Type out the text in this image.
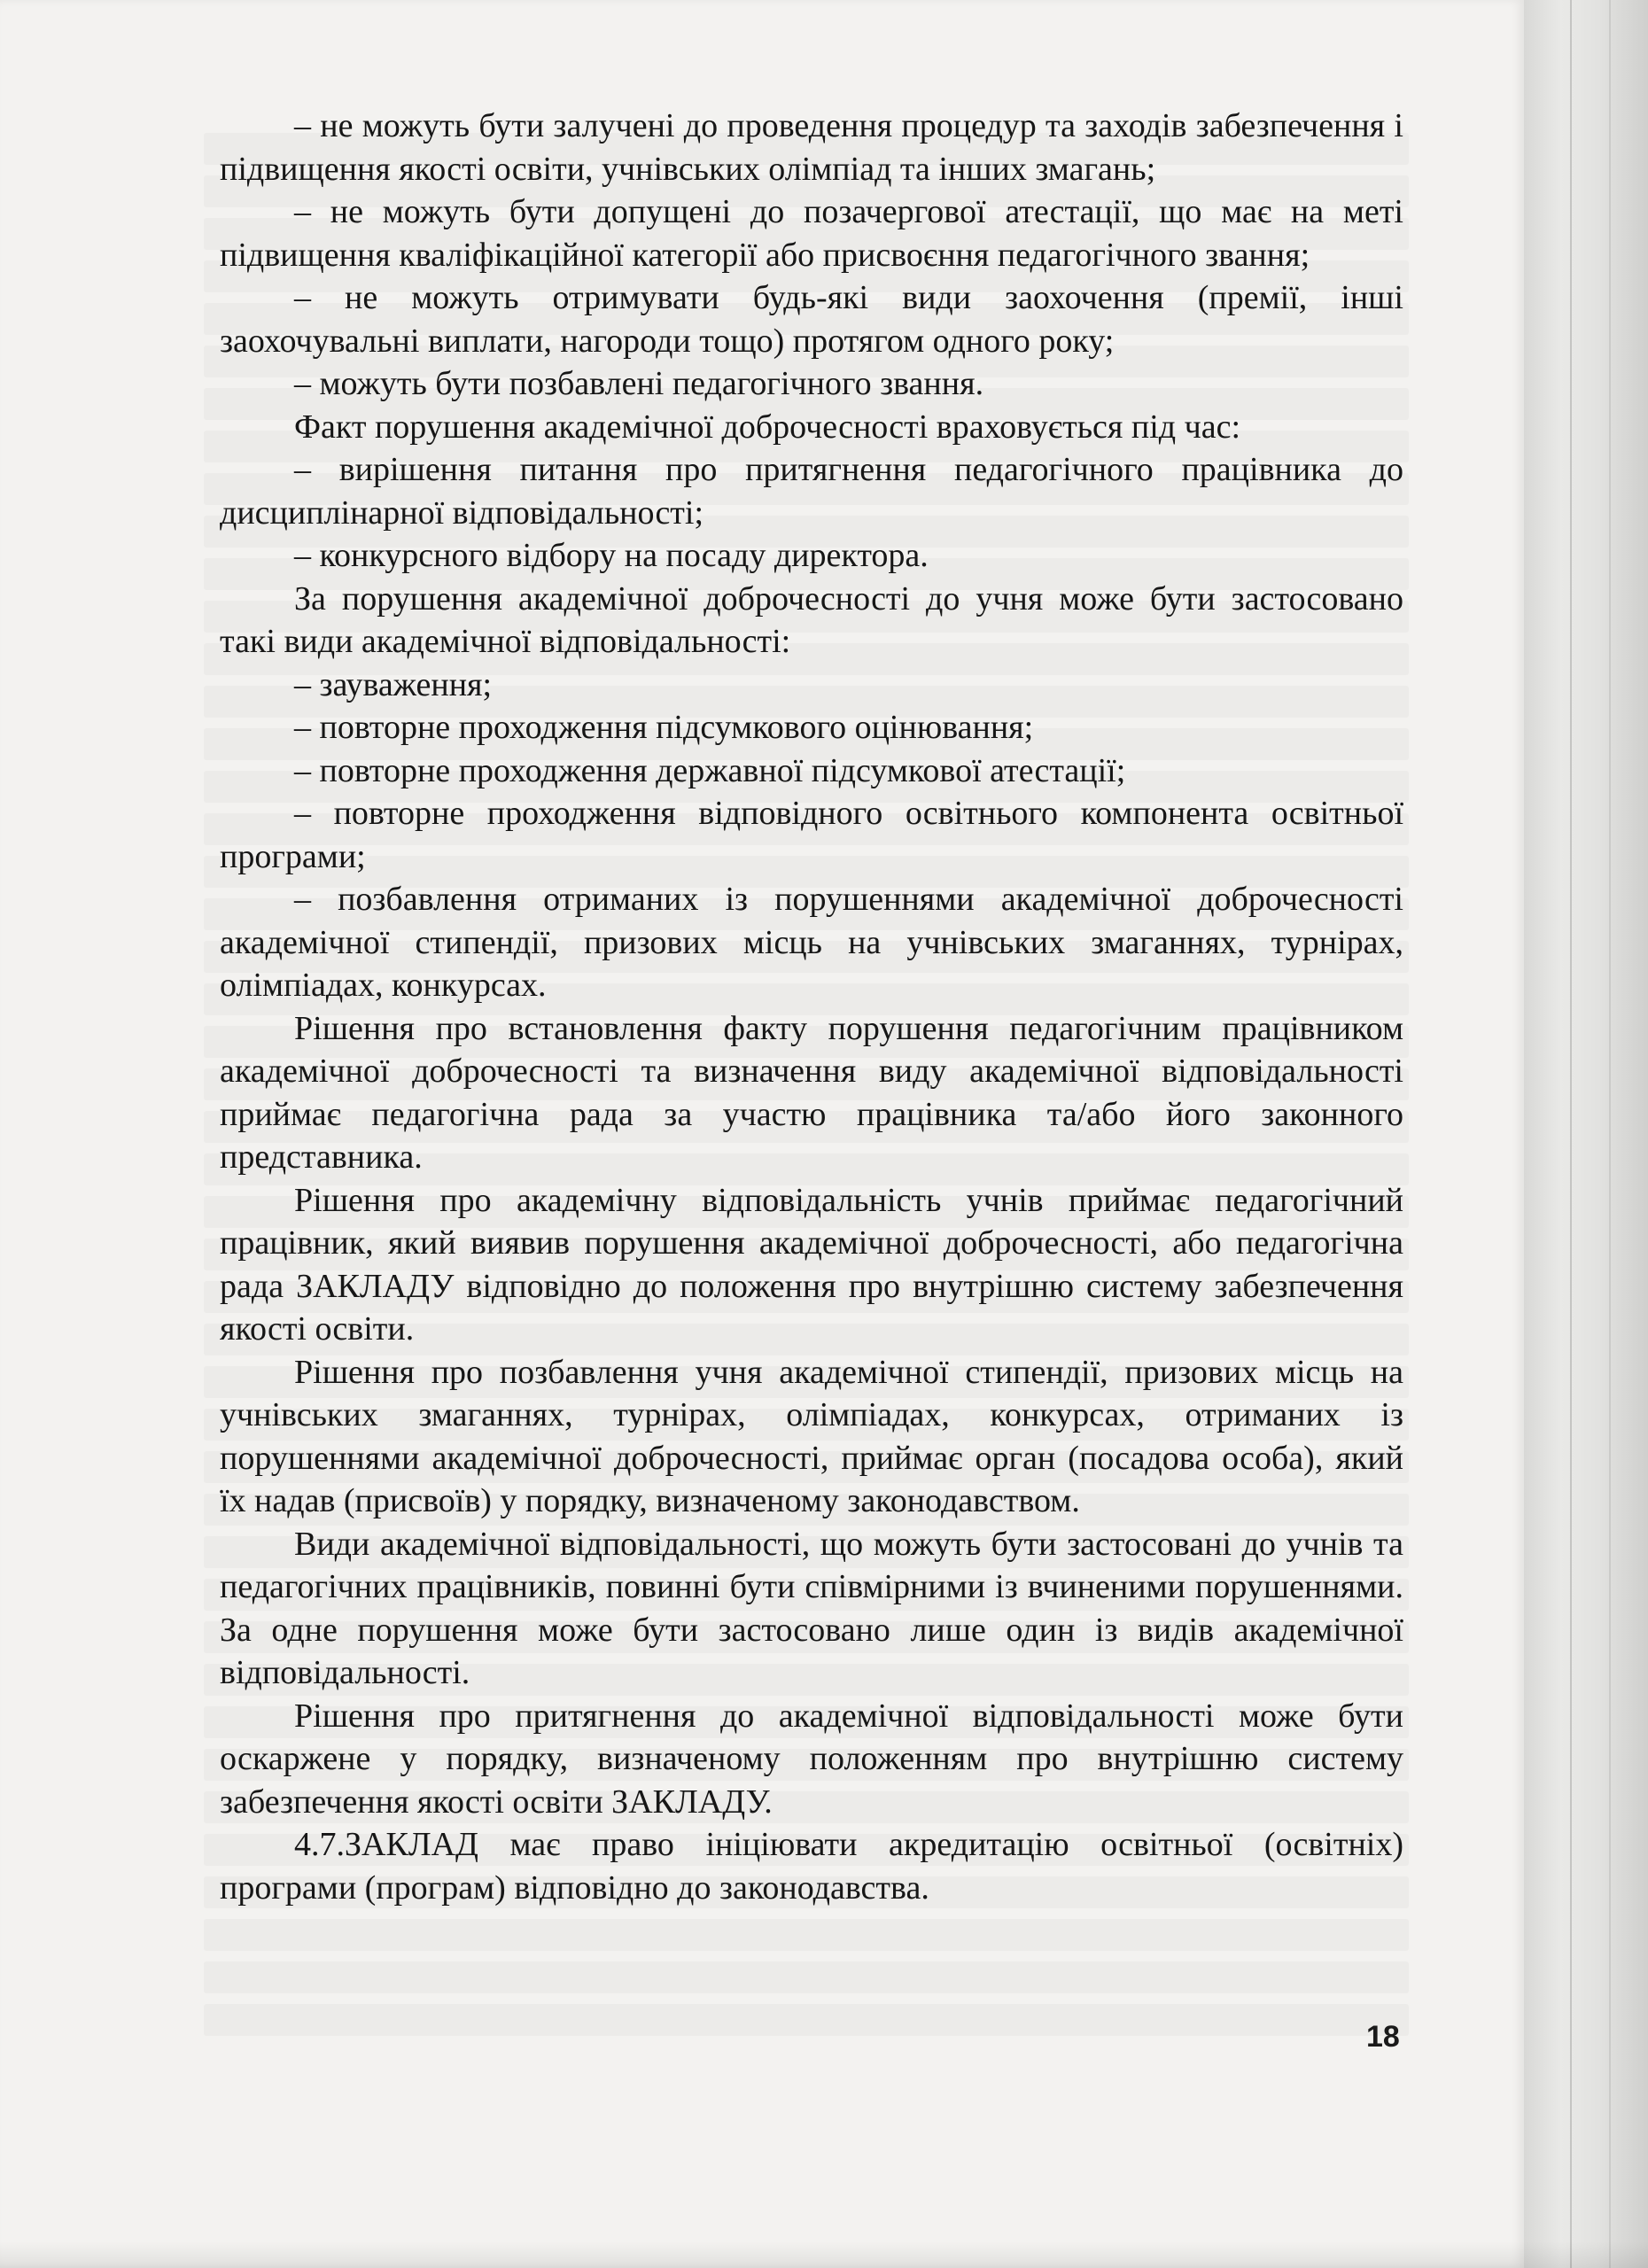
– не можуть бути залучені до проведення процедур та заходів забезпечення і підвищення якості освіти, учнівських олімпіад та інших змагань;

– не можуть бути допущені до позачергової атестації, що має на меті підвищення кваліфікаційної категорії або присвоєння педагогічного звання;

– не можуть отримувати будь-які види заохочення (премії, інші заохочувальні виплати, нагороди тощо) протягом одного року;

– можуть бути позбавлені педагогічного звання.

Факт порушення академічної доброчесності враховується під час:

– вирішення питання про притягнення педагогічного працівника до дисциплінарної відповідальності;

– конкурсного відбору на посаду директора.

За порушення академічної доброчесності до учня може бути застосовано такі види академічної відповідальності:

– зауваження;

– повторне проходження підсумкового оцінювання;

– повторне проходження державної підсумкової атестації;

– повторне проходження відповідного освітнього компонента освітньої програми;

– позбавлення отриманих із порушеннями академічної доброчесності академічної стипендії, призових місць на учнівських змаганнях, турнірах, олімпіадах, конкурсах.

Рішення про встановлення факту порушення педагогічним працівником академічної доброчесності та визначення виду академічної відповідальності приймає педагогічна рада за участю працівника та/або його законного представника.

Рішення про академічну відповідальність учнів приймає педагогічний працівник, який виявив порушення академічної доброчесності, або педагогічна рада ЗАКЛАДУ відповідно до положення про внутрішню систему забезпечення якості освіти.

Рішення про позбавлення учня академічної стипендії, призових місць на учнівських змаганнях, турнірах, олімпіадах, конкурсах, отриманих із порушеннями академічної доброчесності, приймає орган (посадова особа), який їх надав (присвоїв) у порядку, визначеному законодавством.

Види академічної відповідальності, що можуть бути застосовані до учнів та педагогічних працівників, повинні бути співмірними із вчиненими порушеннями. За одне порушення може бути застосовано лише один із видів академічної відповідальності.

Рішення про притягнення до академічної відповідальності може бути оскаржене у порядку, визначеному положенням про внутрішню систему забезпечення якості освіти ЗАКЛАДУ.

4.7.ЗАКЛАД має право ініціювати акредитацію освітньої (освітніх) програми (програм) відповідно до законодавства.

18
